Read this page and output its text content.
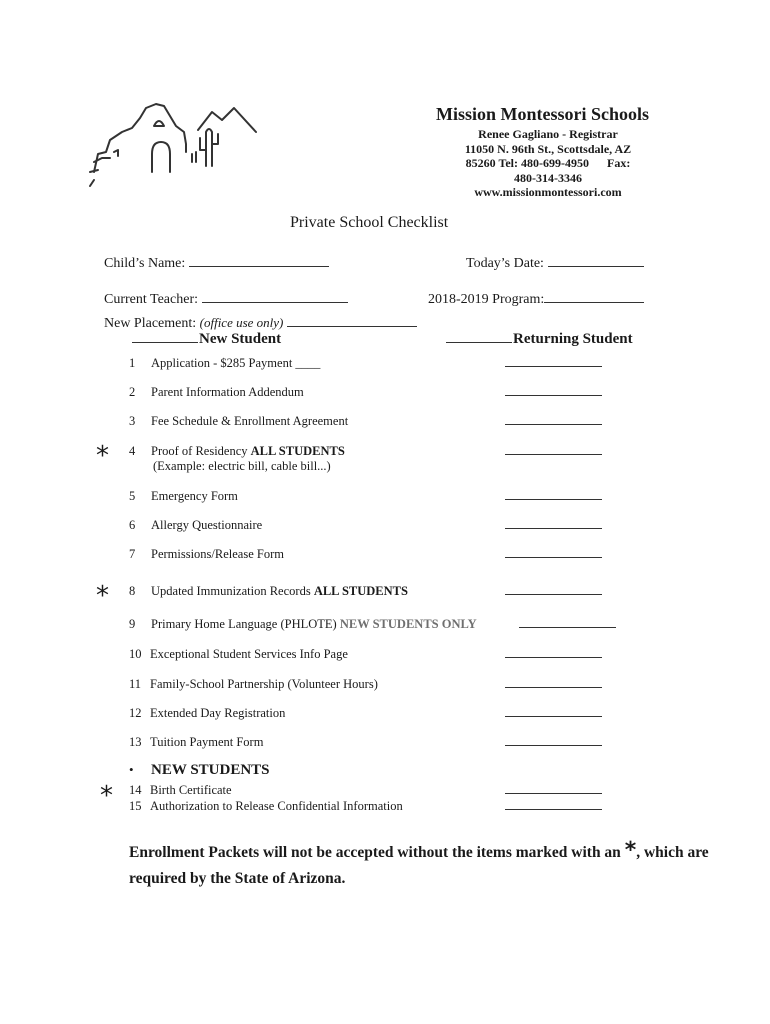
Mission Montessori Schools
Renee Gagliano - Registrar
11050 N. 96th St., Scottsdale, AZ
85260 Tel: 480-699-4950      Fax:
480-314-3346
www.missionmontessori.com
Private School Checklist
Child’s Name:	Today’s Date:
Current Teacher:	2018-2019 Program:
New Placement: (office use only)
New Student	Returning Student
1 Application - $285 Payment ____
2 Parent Information Addendum
3 Fee Schedule & Enrollment Agreement
* 4 Proof of Residency ALL STUDENTS
(Example: electric bill, cable bill...)
5 Emergency Form
6 Allergy Questionnaire
7 Permissions/Release Form
* 8 Updated Immunization Records ALL STUDENTS
9 Primary Home Language (PHLOTE) NEW STUDENTS ONLY
10 Exceptional Student Services Info Page
11 Family-School Partnership (Volunteer Hours)
12 Extended Day Registration
13 Tuition Payment Form
• NEW STUDENTS
* 14 Birth Certificate
15 Authorization to Release Confidential Information
Enrollment Packets will not be accepted without the items marked with an *, which are required by the State of Arizona.
